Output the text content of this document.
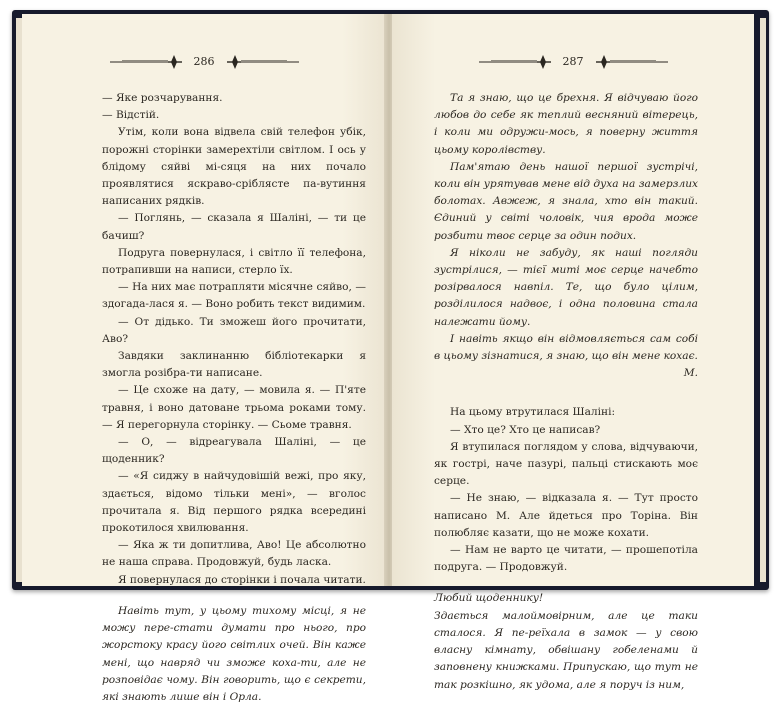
286

— Яке розчарування.

— Відстій.

Утім, коли вона відвела свій телефон убік, порожні сторінки замерехтіли світлом. І ось у блідому сяйві мі-сяця на них почало проявлятися яскраво-сріблясте па-вутиння написаних рядків.

— Поглянь, — сказала я Шаліні, — ти це бачиш?

Подруга повернулася, і світло її телефона, потрапивши на написи, стерло їх.

— На них має потрапляти місячне сяйво, — здогада-лася я. — Воно робить текст видимим.

— От дідько. Ти зможеш його прочитати, Аво?

Завдяки заклинанню бібліотекарки я змогла розібра-ти написане.

— Це схоже на дату, — мовила я. — П'яте травня, і воно датоване трьома роками тому. — Я перегорнула сторінку. — Сьоме травня.

— О, — відреагувала Шаліні, — це щоденник?

— «Я сиджу в найчудовішій вежі, про яку, здається, відомо тільки мені», — вголос прочитала я. Від першого рядка всередині прокотилося хвилювання.

— Яка ж ти допитлива, Аво! Це абсолютно не наша справа. Продовжуй, будь ласка.

Я повернулася до сторінки і почала читати.

Навіть тут, у цьому тихому місці, я не можу пере-стати думати про нього, про жорстоку красу його світлих очей. Він каже мені, що навряд чи зможе коха-ти, але не розповідає чому. Він говорить, що є секрети, які знають лише він і Орла.

287

Та я знаю, що це брехня. Я відчуваю його любов до себе як теплий весняний вітерець, і коли ми одружи-мось, я поверну життя цьому королівству.

Пам'ятаю день нашої першої зустрічі, коли він урятував мене від духа на замерзлих болотах. Авжеж, я знала, хто він такий. Єдиний у світі чоловік, чия врода може розбити твоє серце за один подих.

Я ніколи не забуду, як наші погляди зустрілися, — тієї миті моє серце начебто розірвалося навпіл. Те, що було цілим, розділилося надвоє, і одна половина стала належати йому.

І навіть якщо він відмовляється сам собі в цьому зізнатися, я знаю, що він мене кохає.

М.

На цьому втрутилася Шаліні:

— Хто це? Хто це написав?

Я втупилася поглядом у слова, відчуваючи, як гострі, наче пазурі, пальці стискають моє серце.

— Не знаю, — відказала я. — Тут просто написано М. Але йдеться про Торіна. Він полюбляє казати, що не може кохати.

— Нам не варто це читати, — прошепотіла подруга. — Продовжуй.

Любий щоденнику!

Здається малоймовірним, але це таки сталося. Я пе-реїхала в замок — у свою власну кімнату, обвішану гобеленами й заповнену книжками. Припускаю, що тут не так розкішно, як удома, але я поруч із ним,
